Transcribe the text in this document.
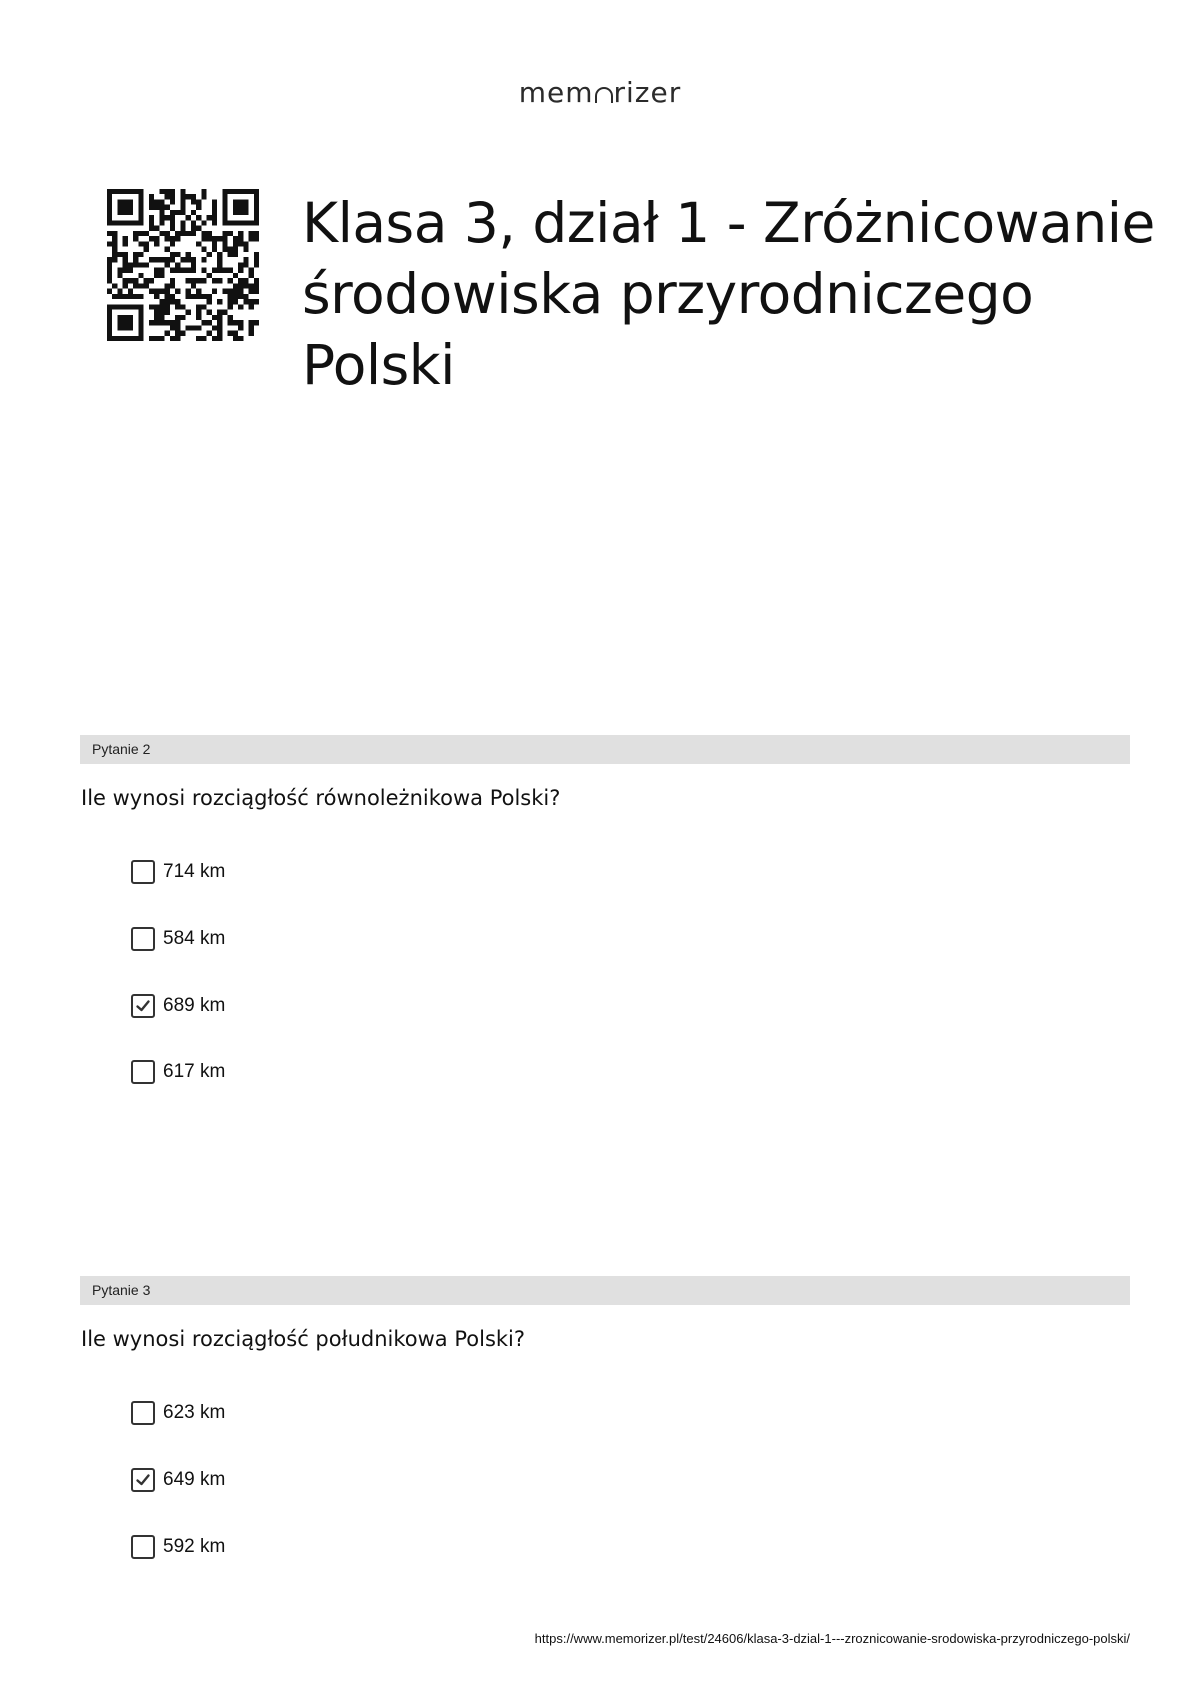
mem rizer
Klasa 3, dział 1 - Zróżnicowanie środowiska przyrodniczego Polski
Pytanie 2
Ile wynosi rozciągłość równoleżnikowa Polski?
714 km
584 km
689 km
617 km
Pytanie 3
Ile wynosi rozciągłość południkowa Polski?
623 km
649 km
592 km
https://www.memorizer.pl/test/24606/klasa-3-dzial-1---zroznicowanie-srodowiska-przyrodniczego-polski/
